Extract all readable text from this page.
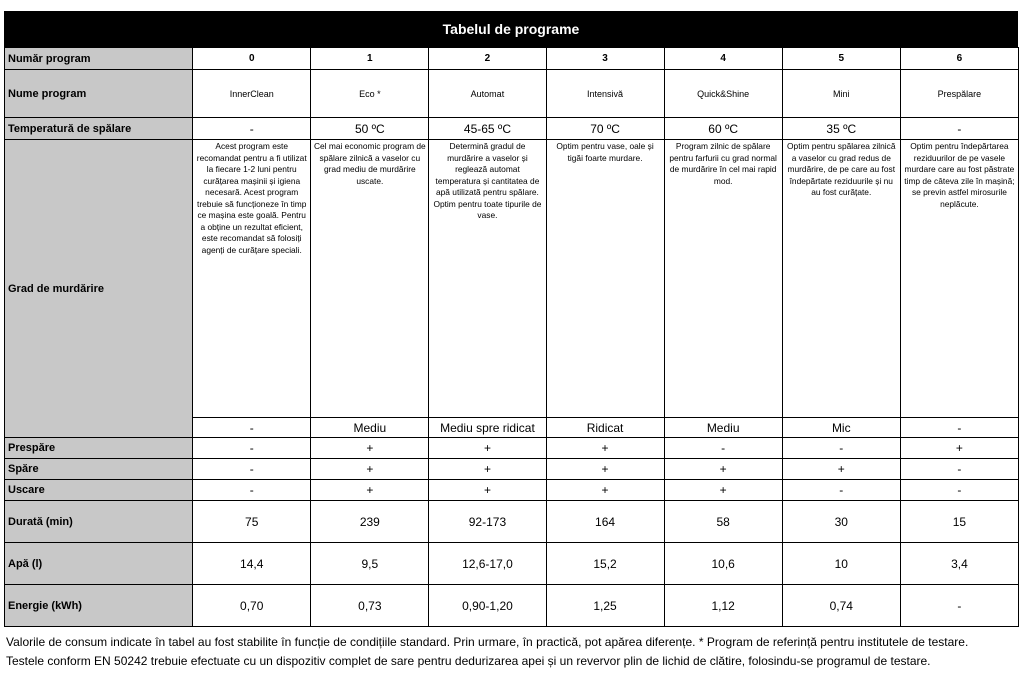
Tabelul de programe
Număr program	0	1	2	3	4	5	6
Nume program	InnerClean	Eco *	Automat	Intensivă	Quick&Shine	Mini	Prespălare
Temperatură de spălare	-	50 ºC	45-65 ºC	70 ºC	60 ºC	35 ºC	-
Grad de murdărire	Acest program este recomandat pentru a fi utilizat la fiecare 1-2 luni pentru curățarea mașinii și igiena necesară. Acest program trebuie să funcționeze în timp ce mașina este goală. Pentru a obține un rezultat eficient, este recomandat să folosiți agenți de curățare speciali.	Cel mai economic program de spălare zilnică a vaselor cu grad mediu de murdărire uscate.	Determină gradul de murdărire a vaselor și reglează automat temperatura și cantitatea de apă utilizată pentru spălare. Optim pentru toate tipurile de vase.	Optim pentru vase, oale și tigăi foarte murdare.	Program zilnic de spălare pentru farfurii cu grad normal de murdărire în cel mai rapid mod.	Optim pentru spălarea zilnică a vaselor cu grad redus de murdărire, de pe care au fost îndepărtate reziduurile și nu au fost curățate.	Optim pentru îndepărtarea reziduurilor de pe vasele murdare care au fost păstrate timp de câteva zile în mașină; se previn astfel mirosurile neplăcute.
	-	Mediu	Mediu spre ridicat	Ridicat	Mediu	Mic	-
Prespăre	-	+	+	+	-	-	+
Spăre	-	+	+	+	+	+	-
Uscare	-	+	+	+	+	-	-
Durată (min)	75	239	92-173	164	58	30	15
Apă (l)	14,4	9,5	12,6-17,0	15,2	10,6	10	3,4
Energie (kWh)	0,70	0,73	0,90-1,20	1,25	1,12	0,74	-
Valorile de consum indicate în tabel au fost stabilite în funcție de condițiile standard. Prin urmare, în practică, pot apărea diferențe. * Program de referință pentru institutele de testare.
Testele conform EN 50242 trebuie efectuate cu un dispozitiv complet de sare pentru dedurizarea apei și un revervor plin de lichid de clătire, folosindu-se programul de testare.
